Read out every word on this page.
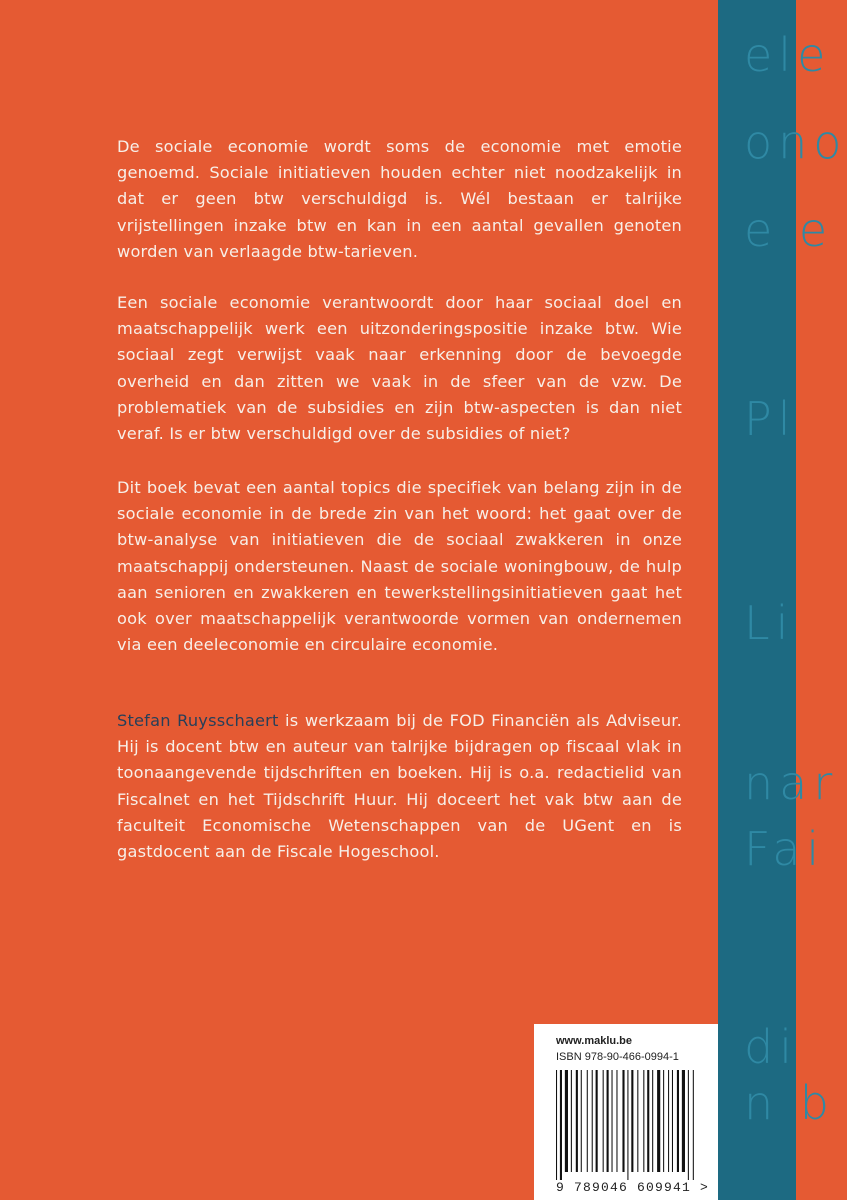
De sociale economie wordt soms de economie met emotie genoemd. Sociale initiatieven houden echter niet noodzakelijk in dat er geen btw verschuldigd is. Wél bestaan er talrijke vrijstellingen inzake btw en kan in een aantal gevallen genoten worden van verlaagde btw-tarieven.

Een sociale economie verantwoordt door haar sociaal doel en maatschappelijk werk een uitzonderingspositie inzake btw. Wie sociaal zegt verwijst vaak naar erkenning door de bevoegde overheid en dan zitten we vaak in de sfeer van de vzw. De problematiek van de subsidies en zijn btw-aspecten is dan niet veraf. Is er btw verschuldigd over de subsidies of niet?

Dit boek bevat een aantal topics die specifiek van belang zijn in de sociale economie in de brede zin van het woord: het gaat over de btw-analyse van initiatieven die de sociaal zwakkeren in onze maatschappij ondersteunen. Naast de sociale woningbouw, de hulp aan senioren en zwakkeren en tewerkstellingsinitiatieven gaat het ook over maatschappelijk verantwoorde vormen van ondernemen via een deeleconomie en circulaire economie.

Stefan Ruysschaert is werkzaam bij de FOD Financiën als Adviseur. Hij is docent btw en auteur van talrijke bijdragen op fiscaal vlak in toonaangevende tijdschriften en boeken. Hij is o.a. redactielid van Fiscalnet en het Tijdschrift Huur. Hij doceert het vak btw aan de faculteit Economische Wetenschappen van de UGent en is gastdocent aan de Fiscale Hogeschool.

www.maklu.be
ISBN 978-90-466-0994-1
9 789046 609941 >
ele
ono
e e
Pl
Li
nar
Fai
di
n b
